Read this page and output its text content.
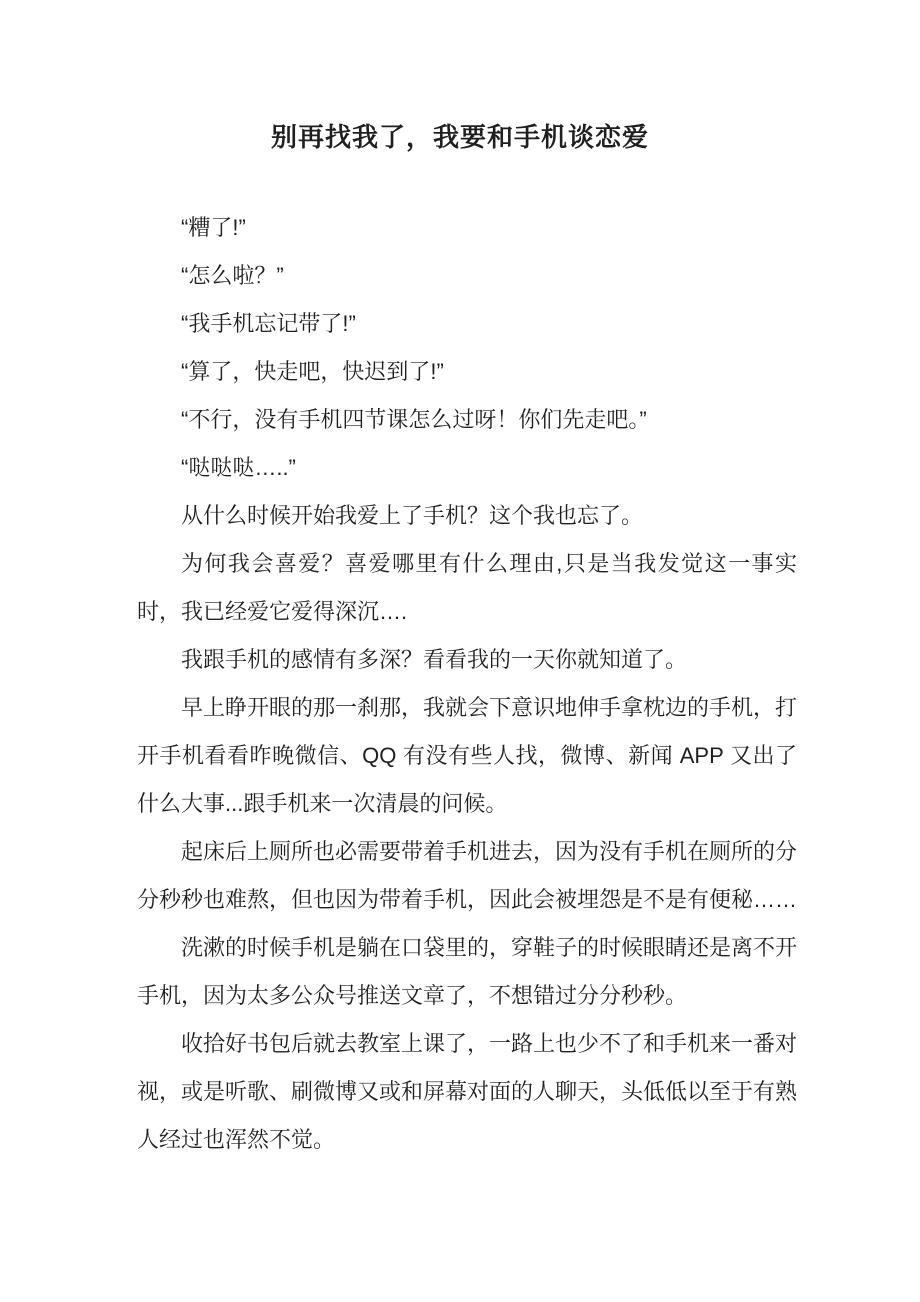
别再找我了，我要和手机谈恋爱

“糟了!”

“怎么啦？”

“我手机忘记带了!”

“算了，快走吧，快迟到了!”

“不行，没有手机四节课怎么过呀！你们先走吧。”

“哒哒哒…..”

从什么时候开始我爱上了手机？这个我也忘了。

为何我会喜爱？喜爱哪里有什么理由,只是当我发觉这一事实时，我已经爱它爱得深沉….

我跟手机的感情有多深？看看我的一天你就知道了。

早上睁开眼的那一刹那，我就会下意识地伸手拿枕边的手机，打开手机看看昨晚微信、QQ 有没有些人找，微博、新闻 APP 又出了什么大事...跟手机来一次清晨的问候。

起床后上厕所也必需要带着手机进去，因为没有手机在厕所的分分秒秒也难熬，但也因为带着手机，因此会被埋怨是不是有便秘……

洗漱的时候手机是躺在口袋里的，穿鞋子的时候眼睛还是离不开手机，因为太多公众号推送文章了，不想错过分分秒秒。

收拾好书包后就去教室上课了，一路上也少不了和手机来一番对视，或是听歌、刷微博又或和屏幕对面的人聊天，头低低以至于有熟人经过也浑然不觉。
